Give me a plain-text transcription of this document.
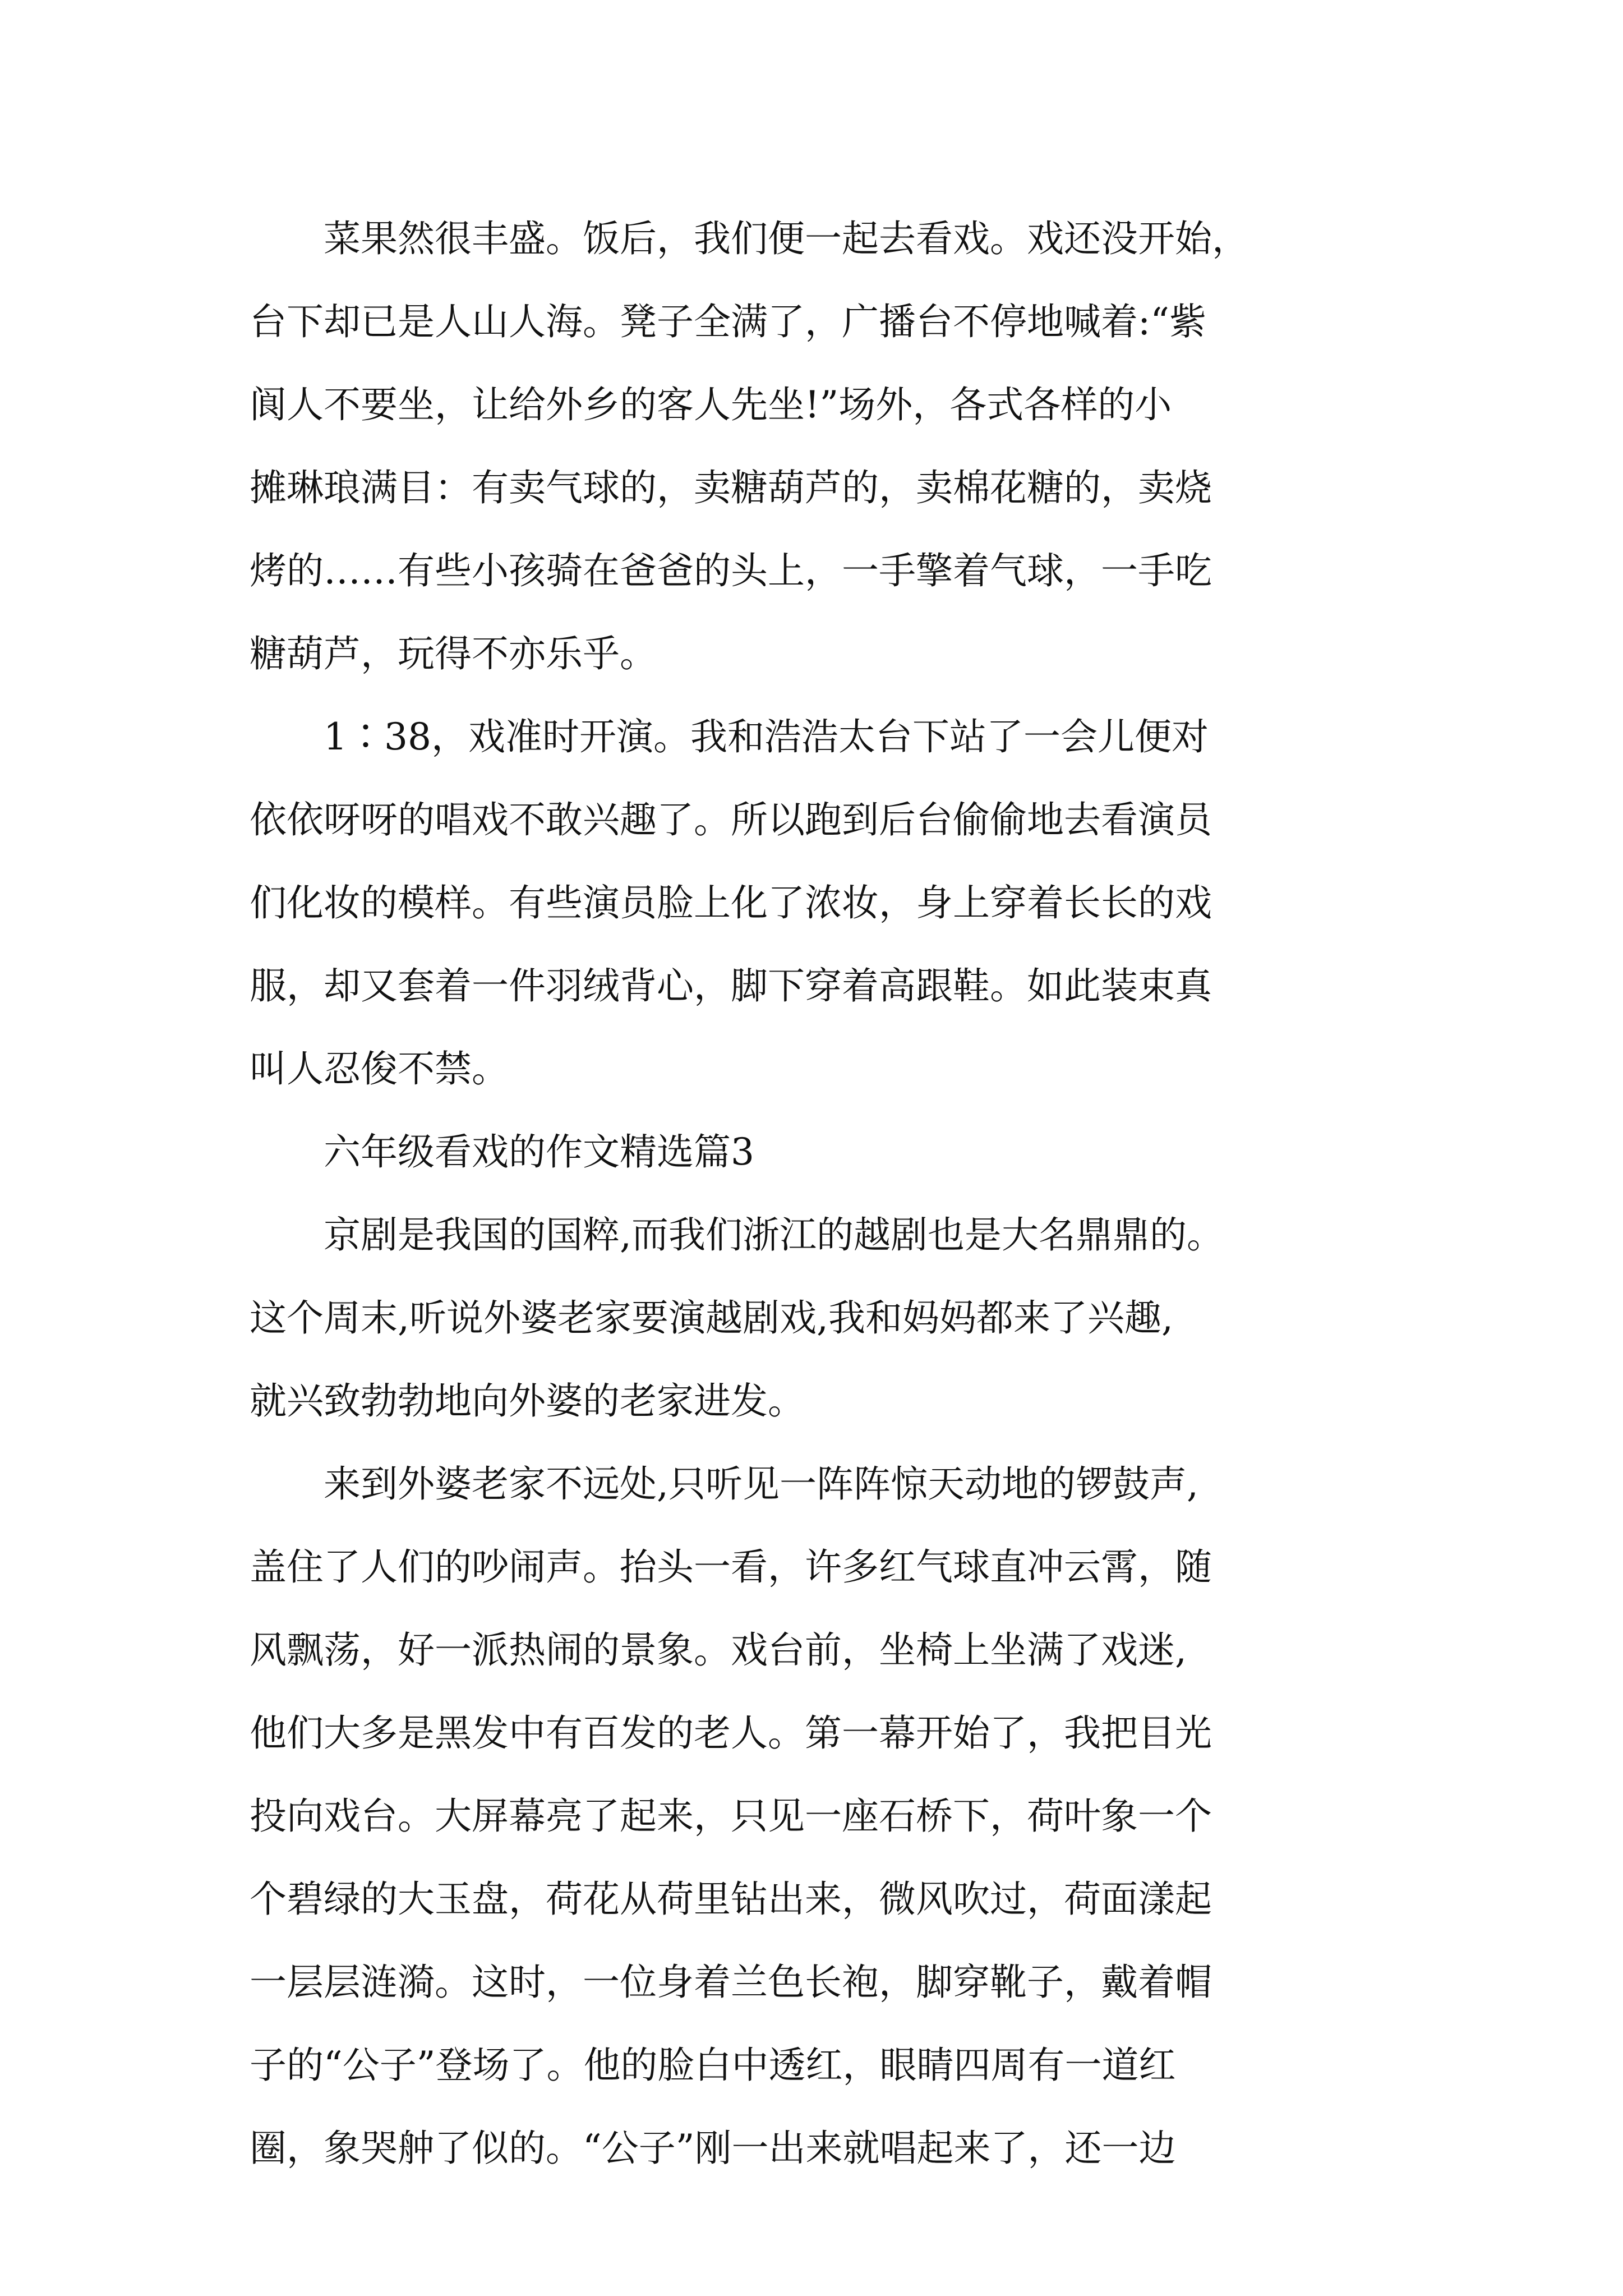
菜果然很丰盛。饭后，我们便一起去看戏。戏还没开始，
台下却已是人山人海。凳子全满了，广播台不停地喊着:“紫
阆人不要坐，让给外乡的客人先坐!”场外，各式各样的小
摊琳琅满目：有卖气球的，卖糖葫芦的，卖棉花糖的，卖烧
烤的……有些小孩骑在爸爸的头上，一手擎着气球，一手吃
糖葫芦，玩得不亦乐乎。
1∶38，戏准时开演。我和浩浩太台下站了一会儿便对
依依呀呀的唱戏不敢兴趣了。所以跑到后台偷偷地去看演员
们化妆的模样。有些演员脸上化了浓妆，身上穿着长长的戏
服，却又套着一件羽绒背心，脚下穿着高跟鞋。如此装束真
叫人忍俊不禁。
六年级看戏的作文精选篇3
京剧是我国的国粹,而我们浙江的越剧也是大名鼎鼎的。
这个周末,听说外婆老家要演越剧戏,我和妈妈都来了兴趣,
就兴致勃勃地向外婆的老家进发。
来到外婆老家不远处,只听见一阵阵惊天动地的锣鼓声,
盖住了人们的吵闹声。抬头一看，许多红气球直冲云霄，随
风飘荡，好一派热闹的景象。戏台前，坐椅上坐满了戏迷,
他们大多是黑发中有百发的老人。第一幕开始了，我把目光
投向戏台。大屏幕亮了起来，只见一座石桥下，荷叶象一个
个碧绿的大玉盘，荷花从荷里钻出来，微风吹过，荷面漾起
一层层涟漪。这时，一位身着兰色长袍，脚穿靴子，戴着帽
子的“公子”登场了。他的脸白中透红，眼睛四周有一道红
圈，象哭舯了似的。“公子”刚一出来就唱起来了，还一边
